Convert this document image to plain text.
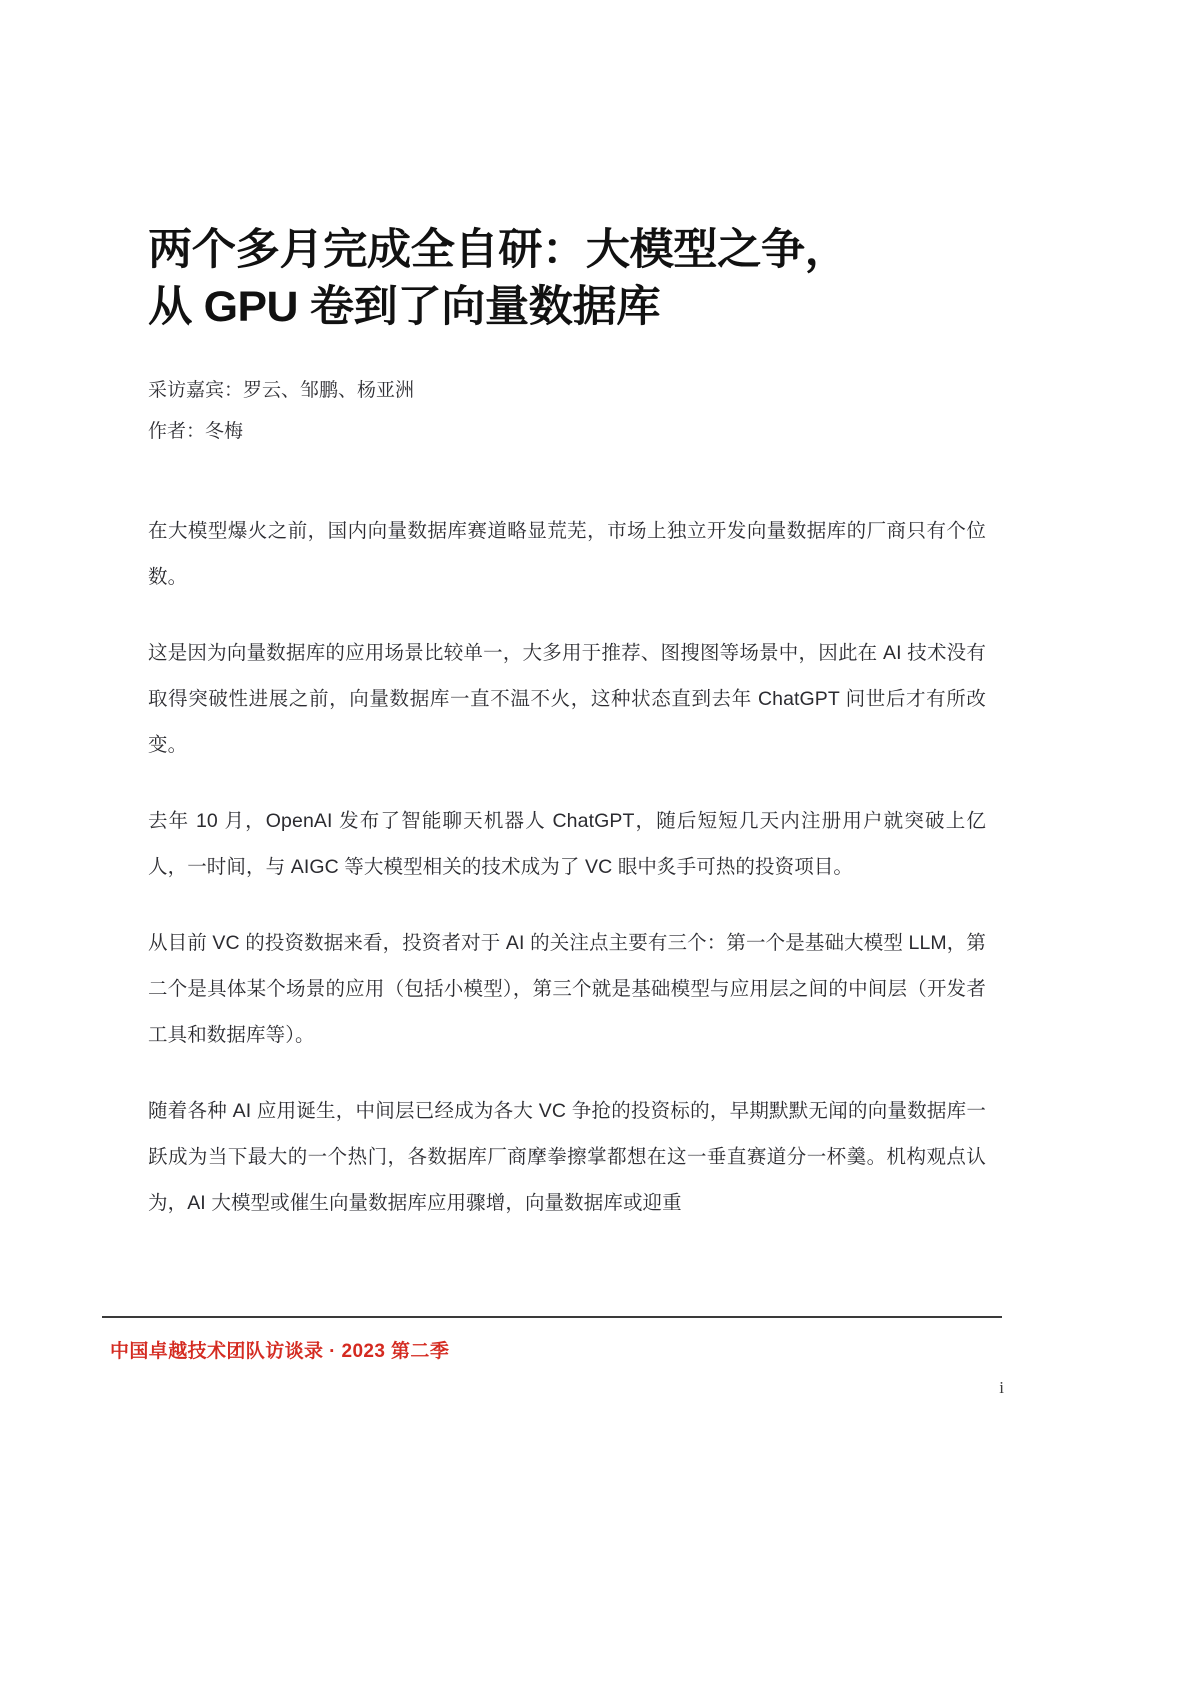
两个多月完成全自研：大模型之争，
从 GPU 卷到了向量数据库
采访嘉宾：罗云、邹鹏、杨亚洲
作者：冬梅

在大模型爆火之前，国内向量数据库赛道略显荒芜，市场上独立开发向量数据库的厂商只有个位数。

这是因为向量数据库的应用场景比较单一，大多用于推荐、图搜图等场景中，因此在 AI 技术没有取得突破性进展之前，向量数据库一直不温不火，这种状态直到去年 ChatGPT 问世后才有所改变。

去年 10 月，OpenAI 发布了智能聊天机器人 ChatGPT，随后短短几天内注册用户就突破上亿人，一时间，与 AIGC 等大模型相关的技术成为了 VC 眼中炙手可热的投资项目。

从目前 VC 的投资数据来看，投资者对于 AI 的关注点主要有三个：第一个是基础大模型 LLM，第二个是具体某个场景的应用（包括小模型），第三个就是基础模型与应用层之间的中间层（开发者工具和数据库等）。

随着各种 AI 应用诞生，中间层已经成为各大 VC 争抢的投资标的，早期默默无闻的向量数据库一跃成为当下最大的一个热门，各数据库厂商摩拳擦掌都想在这一垂直赛道分一杯羹。机构观点认为，AI 大模型或催生向量数据库应用骤增，向量数据库或迎重

中国卓越技术团队访谈录 · 2023 第二季
i
